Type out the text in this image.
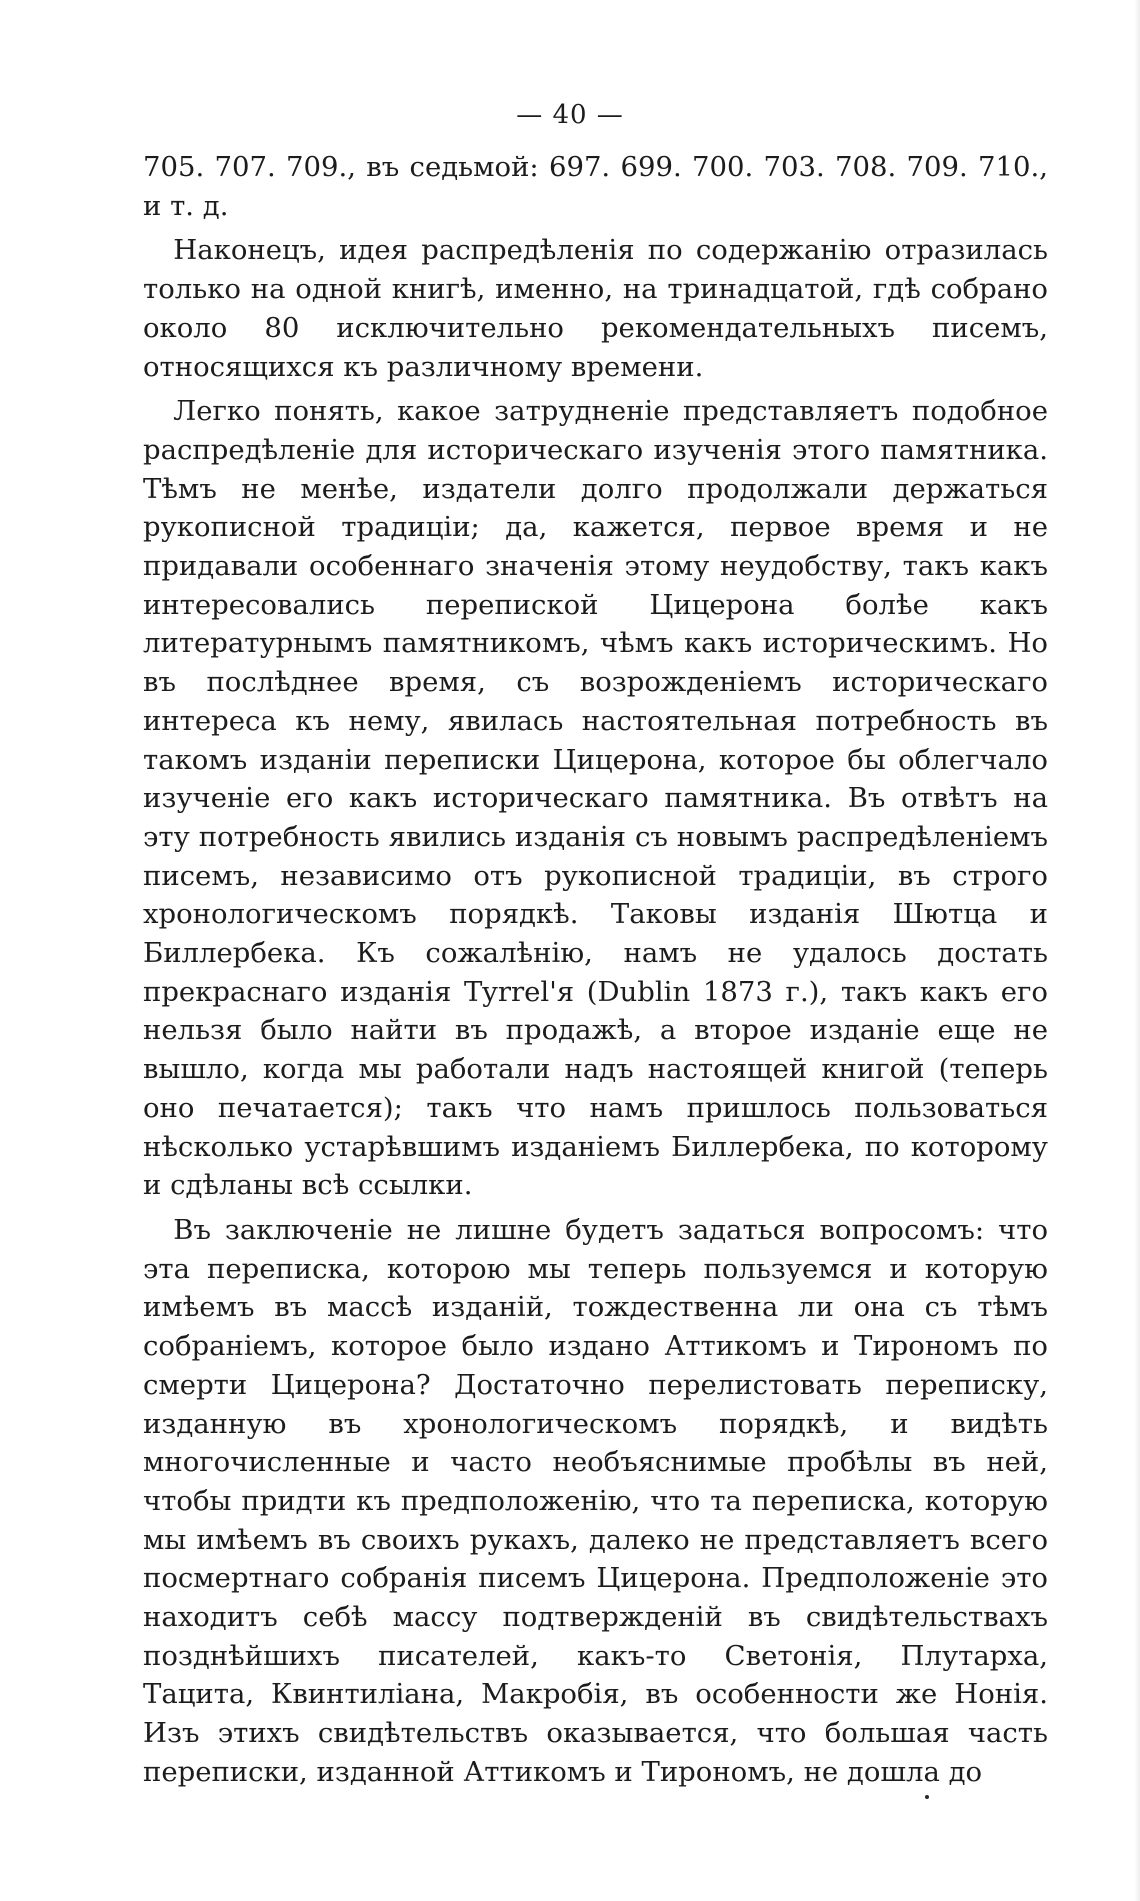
— 40 —

705. 707. 709., въ седьмой: 697. 699. 700. 703. 708. 709. 710., и т. д.

Наконецъ, идея распредѣленія по содержанію отразилась только на одной книгѣ, именно, на тринадцатой, гдѣ собрано около 80 исключительно рекомендательныхъ писемъ, относящихся къ различному времени.

Легко понять, какое затрудненіе представляетъ подобное распредѣленіе для историческаго изученія этого памятника. Тѣмъ не менѣе, издатели долго продолжали держаться рукописной традиціи; да, кажется, первое время и не придавали особеннаго значенія этому неудобству, такъ какъ интересовались перепиской Цицерона болѣе какъ литературнымъ памятникомъ, чѣмъ какъ историческимъ. Но въ послѣднее время, съ возрожденіемъ историческаго интереса къ нему, явилась настоятельная потребность въ такомъ изданіи переписки Цицерона, которое бы облегчало изученіе его какъ историческаго памятника. Въ отвѣтъ на эту потребность явились изданія съ новымъ распредѣленіемъ писемъ, независимо отъ рукописной традиціи, въ строго хронологическомъ порядкѣ. Таковы изданія Шютца и Биллербека. Къ сожалѣнію, намъ не удалось достать прекраснаго изданія Tyrrel'я (Dublin 1873 г.), такъ какъ его нельзя было найти въ продажѣ, а второе изданіе еще не вышло, когда мы работали надъ настоящей книгой (теперь оно печатается); такъ что намъ пришлось пользоваться нѣсколько устарѣвшимъ изданіемъ Биллербека, по которому и сдѣланы всѣ ссылки.

Въ заключеніе не лишне будетъ задаться вопросомъ: что эта переписка, которою мы теперь пользуемся и которую имѣемъ въ массѣ изданій, тождественна ли она съ тѣмъ собраніемъ, которое было издано Аттикомъ и Тирономъ по смерти Цицерона? Достаточно перелистовать переписку, изданную въ хронологическомъ порядкѣ, и видѣть многочисленные и часто необъяснимые пробѣлы въ ней, чтобы придти къ предположенію, что та переписка, которую мы имѣемъ въ своихъ рукахъ, далеко не представляетъ всего посмертнаго собранія писемъ Цицерона. Предположеніе это находитъ себѣ массу подтвержденій въ свидѣтельствахъ позднѣйшихъ писателей, какъ-то Светонія, Плутарха, Тацита, Квинтиліана, Макробія, въ особенности же Нонія. Изъ этихъ свидѣтельствъ оказывается, что большая часть переписки, изданной Аттикомъ и Тирономъ, не дошла до
